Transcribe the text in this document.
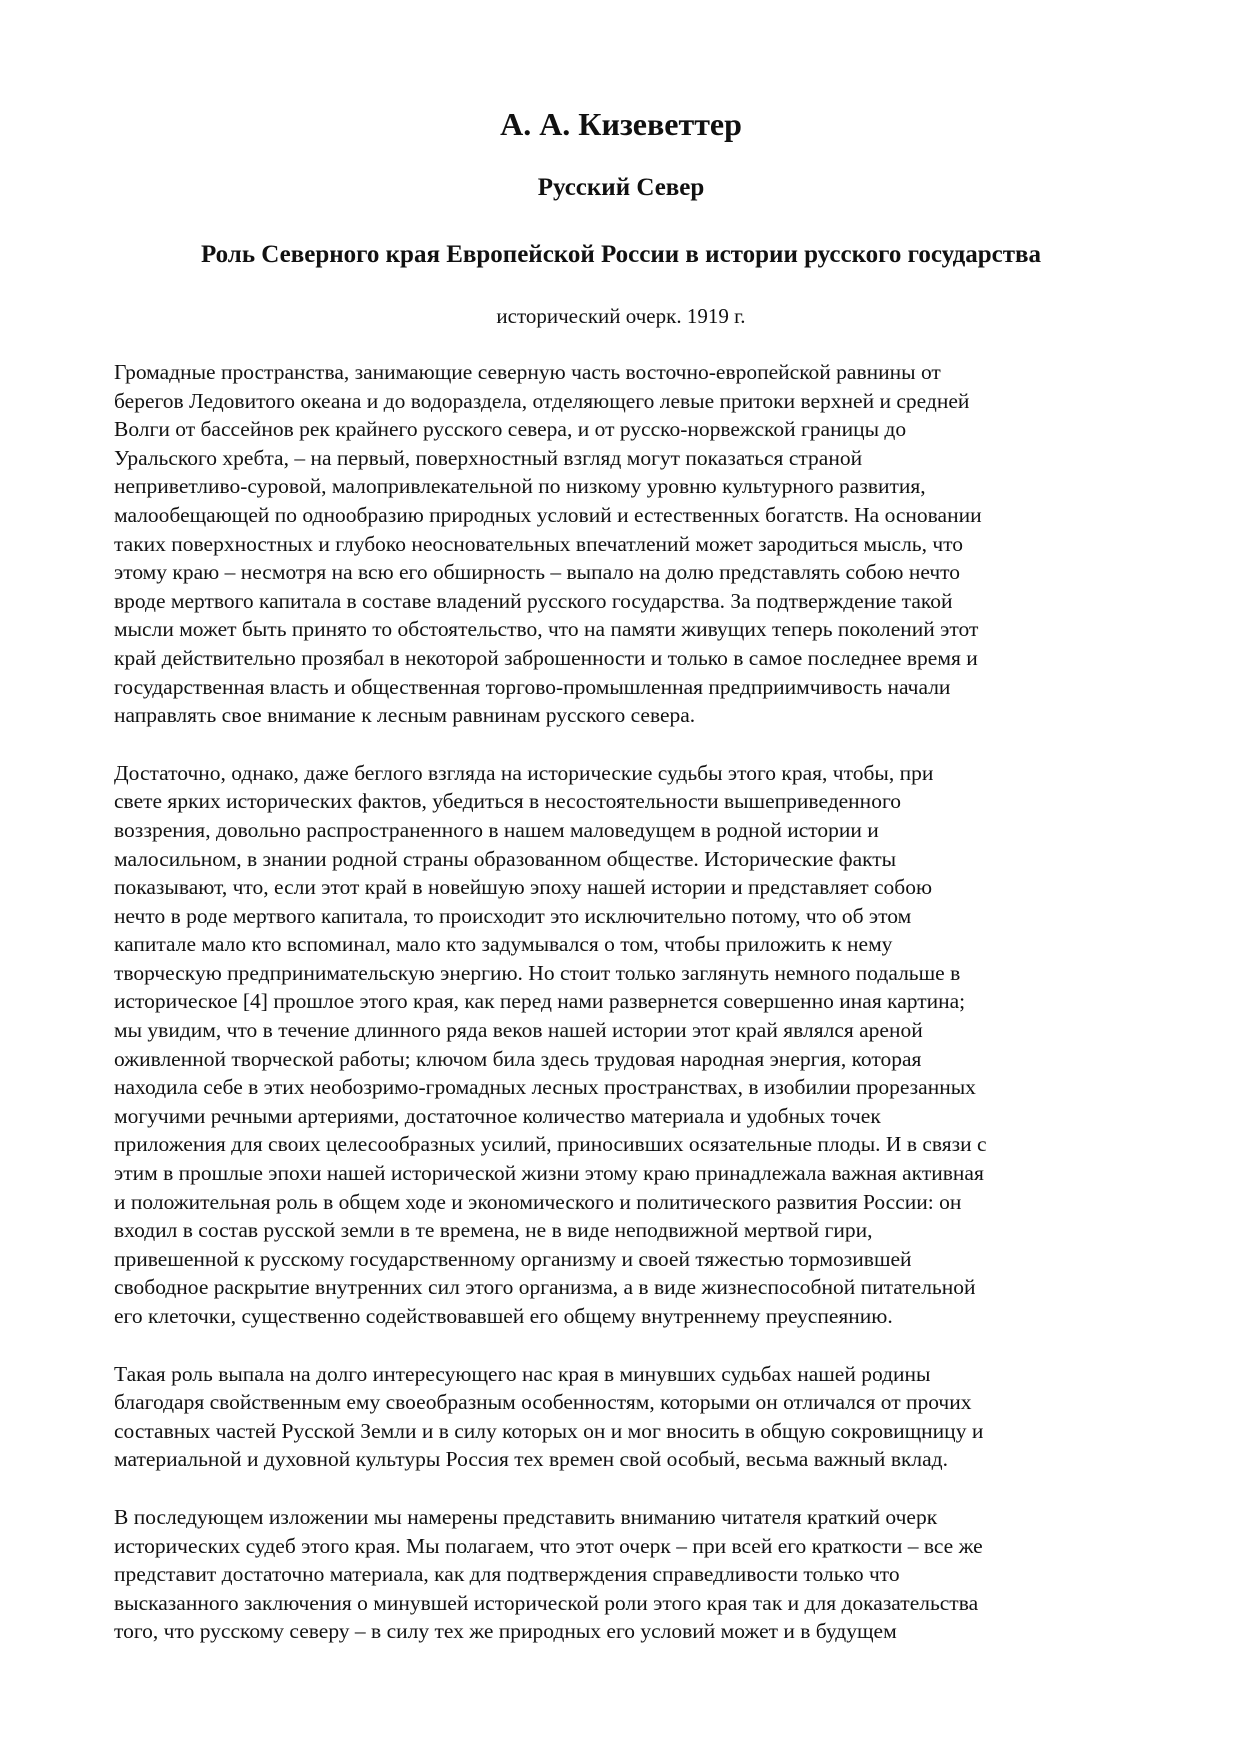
А. А. Кизеветтер
Русский Север
Роль Северного края Европейской России в истории русского государства

исторический очерк. 1919 г.

Громадные пространства, занимающие северную часть восточно-европейской равнины от
берегов Ледовитого океана и до водораздела, отделяющего левые притоки верхней и средней
Волги от бассейнов рек крайнего русского севера, и от русско-норвежской границы до
Уральского хребта, – на первый, поверхностный взгляд могут показаться страной
неприветливо-суровой, малопривлекательной по низкому уровню культурного развития,
малообещающей по однообразию природных условий и естественных богатств. На основании
таких поверхностных и глубоко неосновательных впечатлений может зародиться мысль, что
этому краю – несмотря на всю его обширность – выпало на долю представлять собою нечто
вроде мертвого капитала в составе владений русского государства. За подтверждение такой
мысли может быть принято то обстоятельство, что на памяти живущих теперь поколений этот
край действительно прозябал в некоторой заброшенности и только в самое последнее время и
государственная власть и общественная торгово-промышленная предприимчивость начали
направлять свое внимание к лесным равнинам русского севера.
Достаточно, однако, даже беглого взгляда на исторические судьбы этого края, чтобы, при
свете ярких исторических фактов, убедиться в несостоятельности вышеприведенного
воззрения, довольно распространенного в нашем маловедущем в родной истории и
малосильном, в знании родной страны образованном обществе. Исторические факты
показывают, что, если этот край в новейшую эпоху нашей истории и представляет собою
нечто в роде мертвого капитала, то происходит это исключительно потому, что об этом
капитале мало кто вспоминал, мало кто задумывался о том, чтобы приложить к нему
творческую предпринимательскую энергию. Но стоит только заглянуть немного подальше в
историческое [4] прошлое этого края, как перед нами развернется совершенно иная картина;
мы увидим, что в течение длинного ряда веков нашей истории этот край являлся ареной
оживленной творческой работы; ключом била здесь трудовая народная энергия, которая
находила себе в этих необозримо-громадных лесных пространствах, в изобилии прорезанных
могучими речными артериями, достаточное количество материала и удобных точек
приложения для своих целесообразных усилий, приносивших осязательные плоды. И в связи с
этим в прошлые эпохи нашей исторической жизни этому краю принадлежала важная активная
и положительная роль в общем ходе и экономического и политического развития России: он
входил в состав русской земли в те времена, не в виде неподвижной мертвой гири,
привешенной к русскому государственному организму и своей тяжестью тормозившей
свободное раскрытие внутренних сил этого организма, а в виде жизнеспособной питательной
его клеточки, существенно содействовавшей его общему внутреннему преуспеянию.
Такая роль выпала на долго интересующего нас края в минувших судьбах нашей родины
благодаря свойственным ему своеобразным особенностям, которыми он отличался от прочих
составных частей Русской Земли и в силу которых он и мог вносить в общую сокровищницу и
материальной и духовной культуры Россия тех времен свой особый, весьма важный вклад.
В последующем изложении мы намерены представить вниманию читателя краткий очерк
исторических судеб этого края. Мы полагаем, что этот очерк – при всей его краткости – все же
представит достаточно материала, как для подтверждения справедливости только что
высказанного заключения о минувшей исторической роли этого края так и для доказательства
того, что русскому северу – в силу тех же природных его условий может и в будущем
